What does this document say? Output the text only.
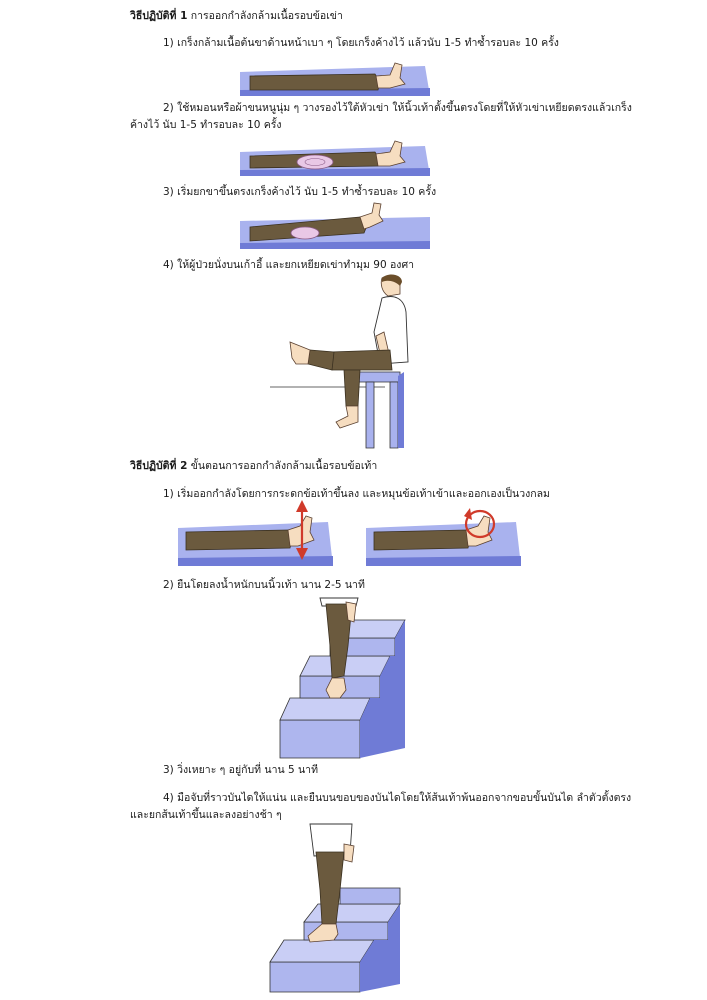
วิธีปฏิบัติที่ 1 การออกกำลังกล้ามเนื้อรอบข้อเข่า
1) เกร็งกล้ามเนื้อต้นขาด้านหน้าเบา ๆ โดยเกร็งค้างไว้ แล้วนับ 1-5 ทำซ้ำรอบละ 10 ครั้ง
2) ใช้หมอนหรือผ้าขนหนูนุ่ม ๆ วางรองไว้ใต้หัวเข่า ให้นิ้วเท้าตั้งขึ้นตรงโดยที่ให้หัวเข่าเหยียดตรงแล้วเกร็ง
ค้างไว้ นับ 1-5 ทำรอบละ 10 ครั้ง
3) เริ่มยกขาขึ้นตรงเกร็งค้างไว้ นับ 1-5 ทำซ้ำรอบละ 10 ครั้ง
4) ให้ผู้ป่วยนั่งบนเก้าอี้ และยกเหยียดเข่าทำมุม 90 องศา
วิธีปฏิบัติที่ 2 ขั้นตอนการออกกำลังกล้ามเนื้อรอบข้อเท้า
1) เริ่มออกกำลังโดยการกระดกข้อเท้าขึ้นลง และหมุนข้อเท้าเข้าและออกเองเป็นวงกลม
2) ยืนโดยลงน้ำหนักบนนิ้วเท้า นาน 2-5 นาที
3) วิ่งเหยาะ ๆ อยู่กับที่ นาน 5 นาที
4) มือจับที่ราวบันไดให้แน่น และยืนบนขอบของบันไดโดยให้ส้นเท้าพ้นออกจากขอบขั้นบันได ลำตัวตั้งตรง
และยกส้นเท้าขึ้นและลงอย่างช้า ๆ
